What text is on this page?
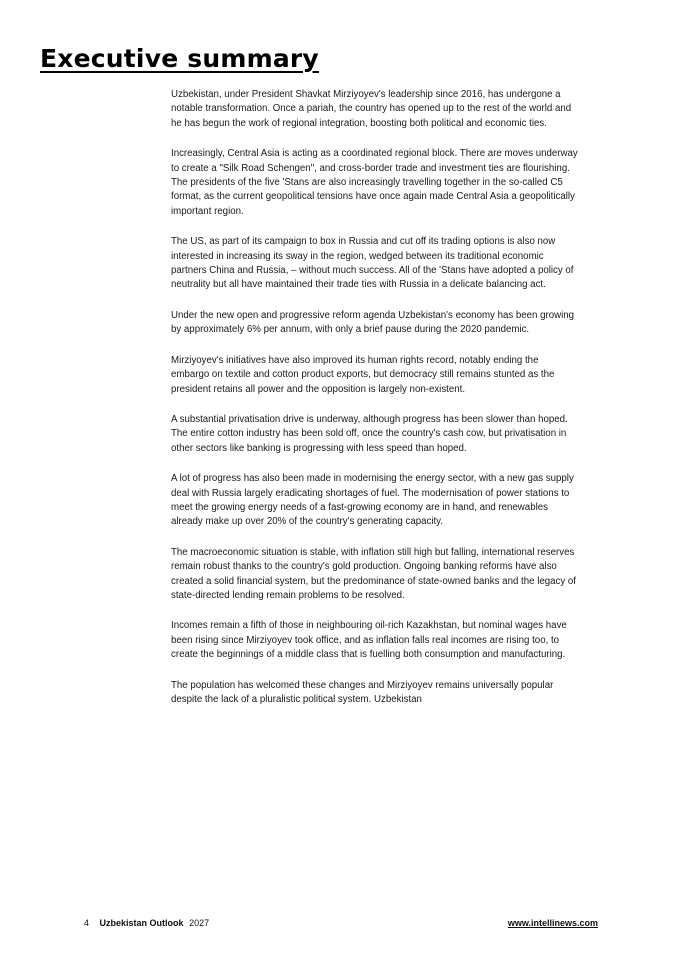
Executive summary

Uzbekistan, under President Shavkat Mirziyoyev's leadership since 2016, has undergone a notable transformation. Once a pariah, the country has opened up to the rest of the world and he has begun the work of regional integration, boosting both political and economic ties.

Increasingly, Central Asia is acting as a coordinated regional block. There are moves underway to create a "Silk Road Schengen", and cross-border trade and investment ties are flourishing. The presidents of the five 'Stans are also increasingly travelling together in the so-called C5 format, as the current geopolitical tensions have once again made Central Asia a geopolitically important region.

The US, as part of its campaign to box in Russia and cut off its trading options is also now interested in increasing its sway in the region, wedged between its traditional economic partners China and Russia, – without much success. All of the 'Stans have adopted a policy of neutrality but all have maintained their trade ties with Russia in a delicate balancing act.

Under the new open and progressive reform agenda Uzbekistan's economy has been growing by approximately 6% per annum, with only a brief pause during the 2020 pandemic.

Mirziyoyev's initiatives have also improved its human rights record, notably ending the embargo on textile and cotton product exports, but democracy still remains stunted as the president retains all power and the opposition is largely non-existent.

A substantial privatisation drive is underway, although progress has been slower than hoped. The entire cotton industry has been sold off, once the country's cash cow, but privatisation in other sectors like banking is progressing with less speed than hoped.

A lot of progress has also been made in modernising the energy sector, with a new gas supply deal with Russia largely eradicating shortages of fuel. The modernisation of power stations to meet the growing energy needs of a fast-growing economy are in hand, and renewables already make up over 20% of the country's generating capacity.

The macroeconomic situation is stable, with inflation still high but falling, international reserves remain robust thanks to the country's gold production. Ongoing banking reforms have also created a solid financial system, but the predominance of state-owned banks and the legacy of state-directed lending remain problems to be resolved.

Incomes remain a fifth of those in neighbouring oil-rich Kazakhstan, but nominal wages have been rising since Mirziyoyev took office, and as inflation falls real incomes are rising too, to create the beginnings of a middle class that is fuelling both consumption and manufacturing.

The population has welcomed these changes and Mirziyoyev remains universally popular despite the lack of a pluralistic political system. Uzbekistan

4 Uzbekistan Outlook 2027	www.intellinews.com
